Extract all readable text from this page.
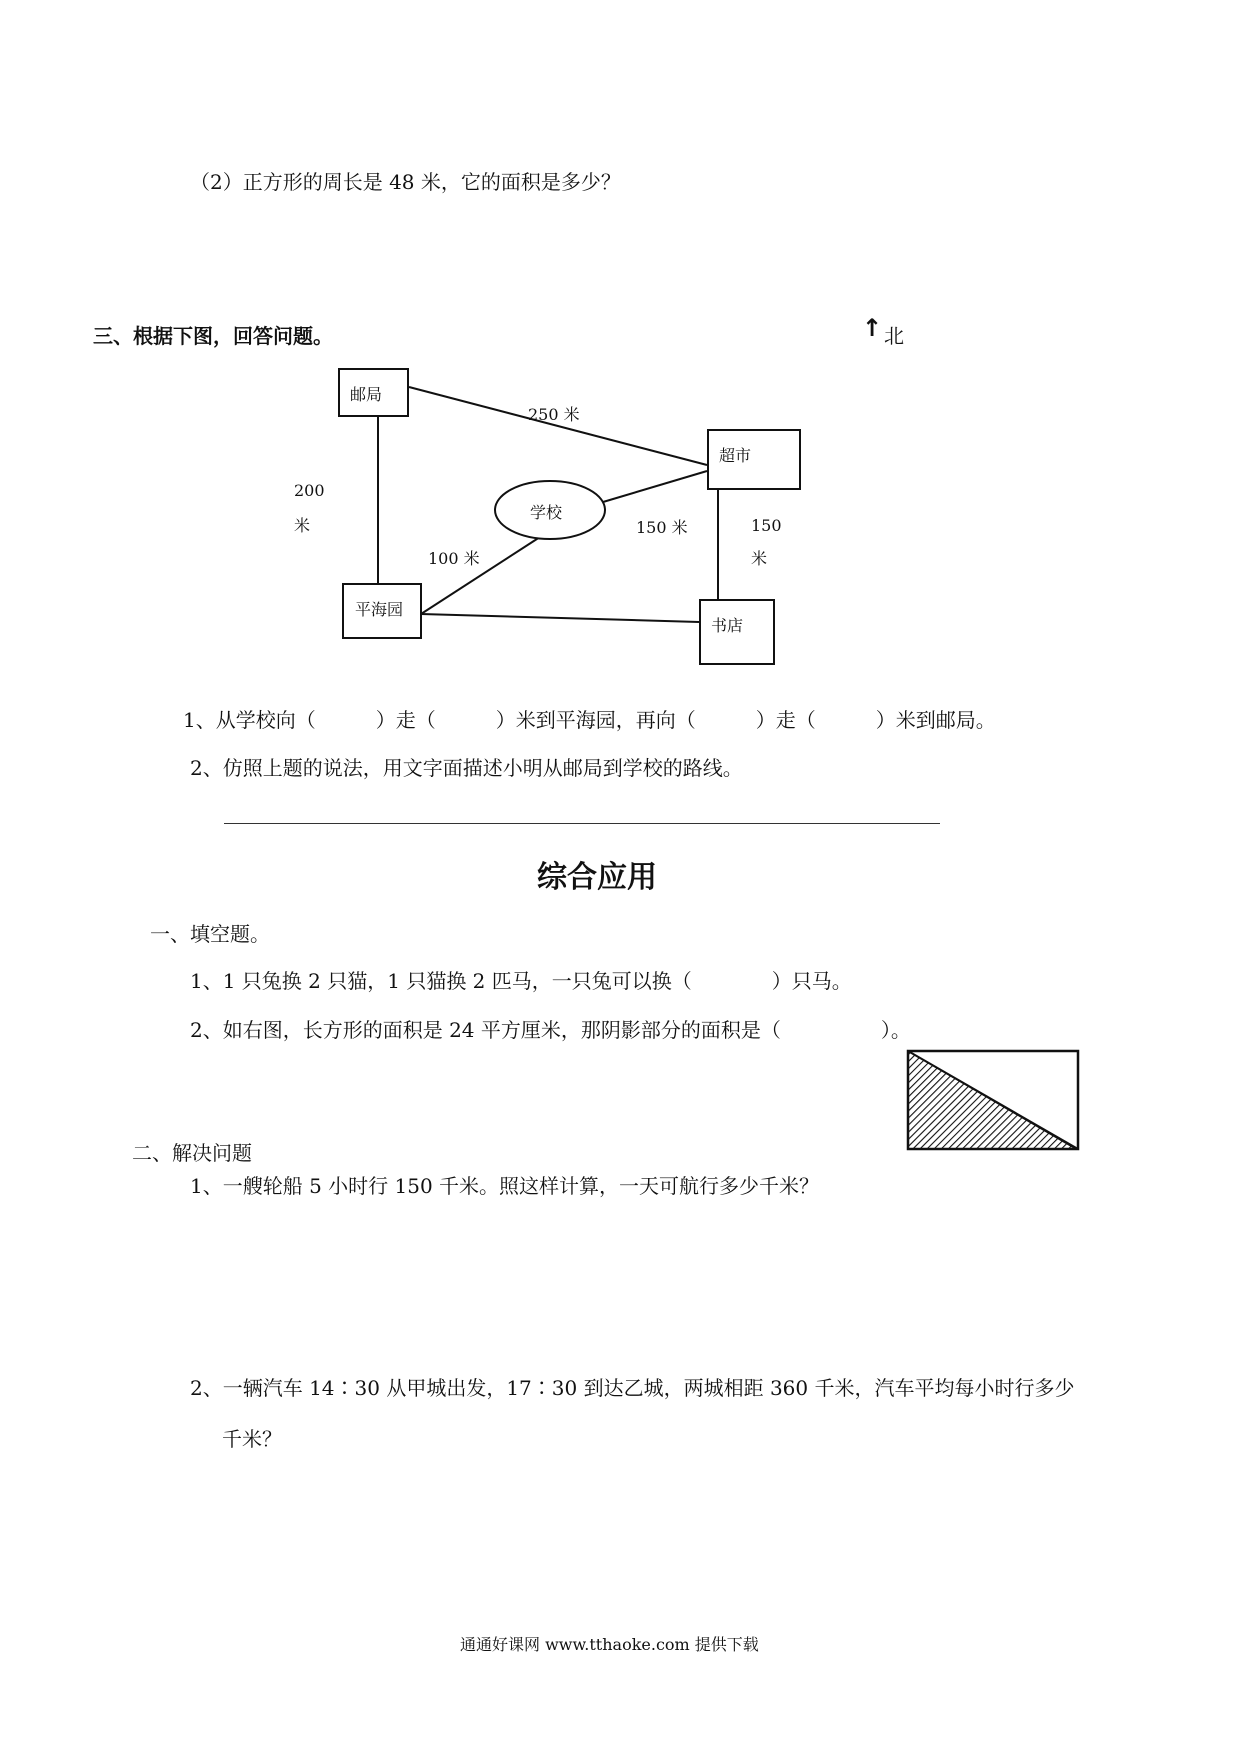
（2）正方形的周长是 48 米，它的面积是多少？
三、根据下图，回答问题。	↑ 北
邮局
超市
学校
平海园
书店
250 米
200
米	150 米
100 米
150
米
1、从学校向（　　　）走（　　　）米到平海园，再向（　　　）走（　　　）米到邮局。
2、仿照上题的说法，用文字面描述小明从邮局到学校的路线。
综合应用
一、填空题。
1、1 只兔换 2 只猫，1 只猫换 2 匹马，一只兔可以换（　　　　）只马。
2、如右图，长方形的面积是 24 平方厘米，那阴影部分的面积是（　　　　　）。
二、解决问题
1、一艘轮船 5 小时行 150 千米。照这样计算，一天可航行多少千米？
2、一辆汽车 14∶30 从甲城出发，17∶30 到达乙城，两城相距 360 千米，汽车平均每小时行多少
千米？
通通好课网 www.tthaoke.com 提供下载
